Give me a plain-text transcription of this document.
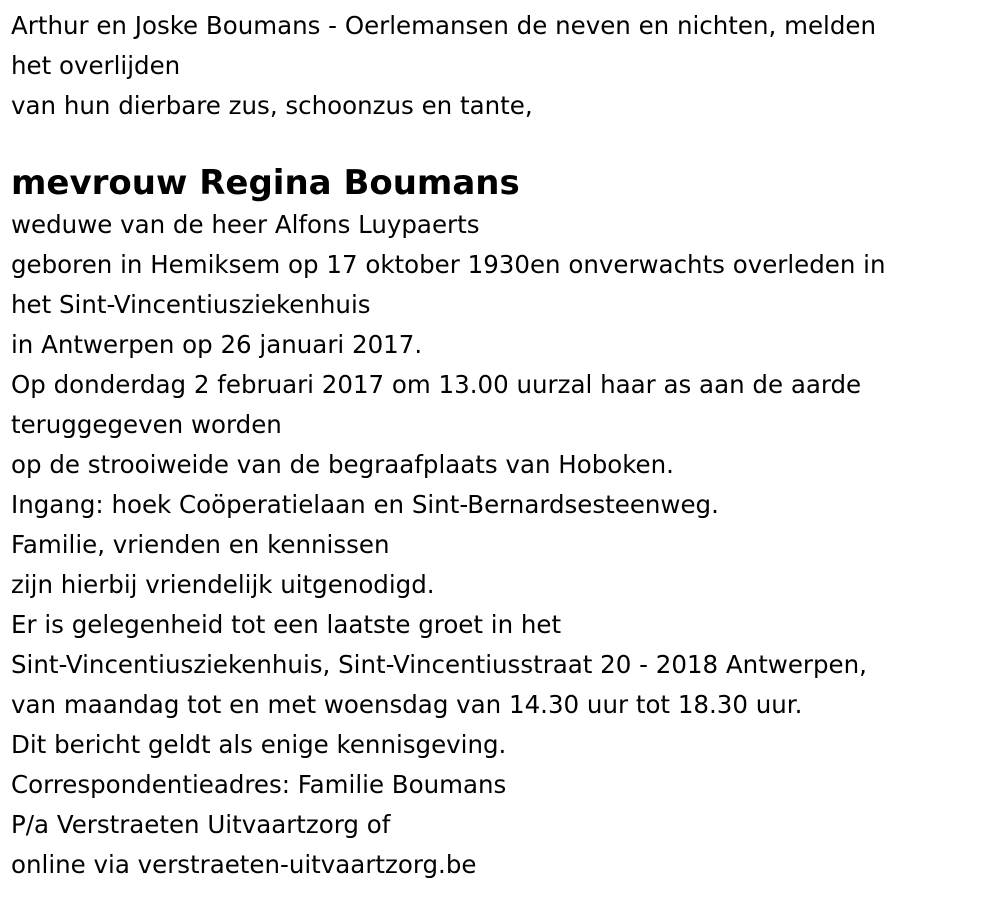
Arthur en Joske Boumans - Oerlemansen de neven en nichten, melden
het overlijden
van hun dierbare zus, schoonzus en tante,
mevrouw Regina Boumans
weduwe van de heer Alfons Luypaerts
geboren in Hemiksem op 17 oktober 1930en onverwachts overleden in
het Sint-Vincentiusziekenhuis
in Antwerpen op 26 januari 2017.
Op donderdag 2 februari 2017 om 13.00 uurzal haar as aan de aarde
teruggegeven worden
op de strooiweide van de begraafplaats van Hoboken.
Ingang: hoek Coöperatielaan en Sint-Bernardsesteenweg.
Familie, vrienden en kennissen
zijn hierbij vriendelijk uitgenodigd.
Er is gelegenheid tot een laatste groet in het
Sint-Vincentiusziekenhuis, Sint-Vincentiusstraat 20 - 2018 Antwerpen,
van maandag tot en met woensdag van 14.30 uur tot 18.30 uur.
Dit bericht geldt als enige kennisgeving.
Correspondentieadres: Familie Boumans
P/a Verstraeten Uitvaartzorg of
online via verstraeten-uitvaartzorg.be
